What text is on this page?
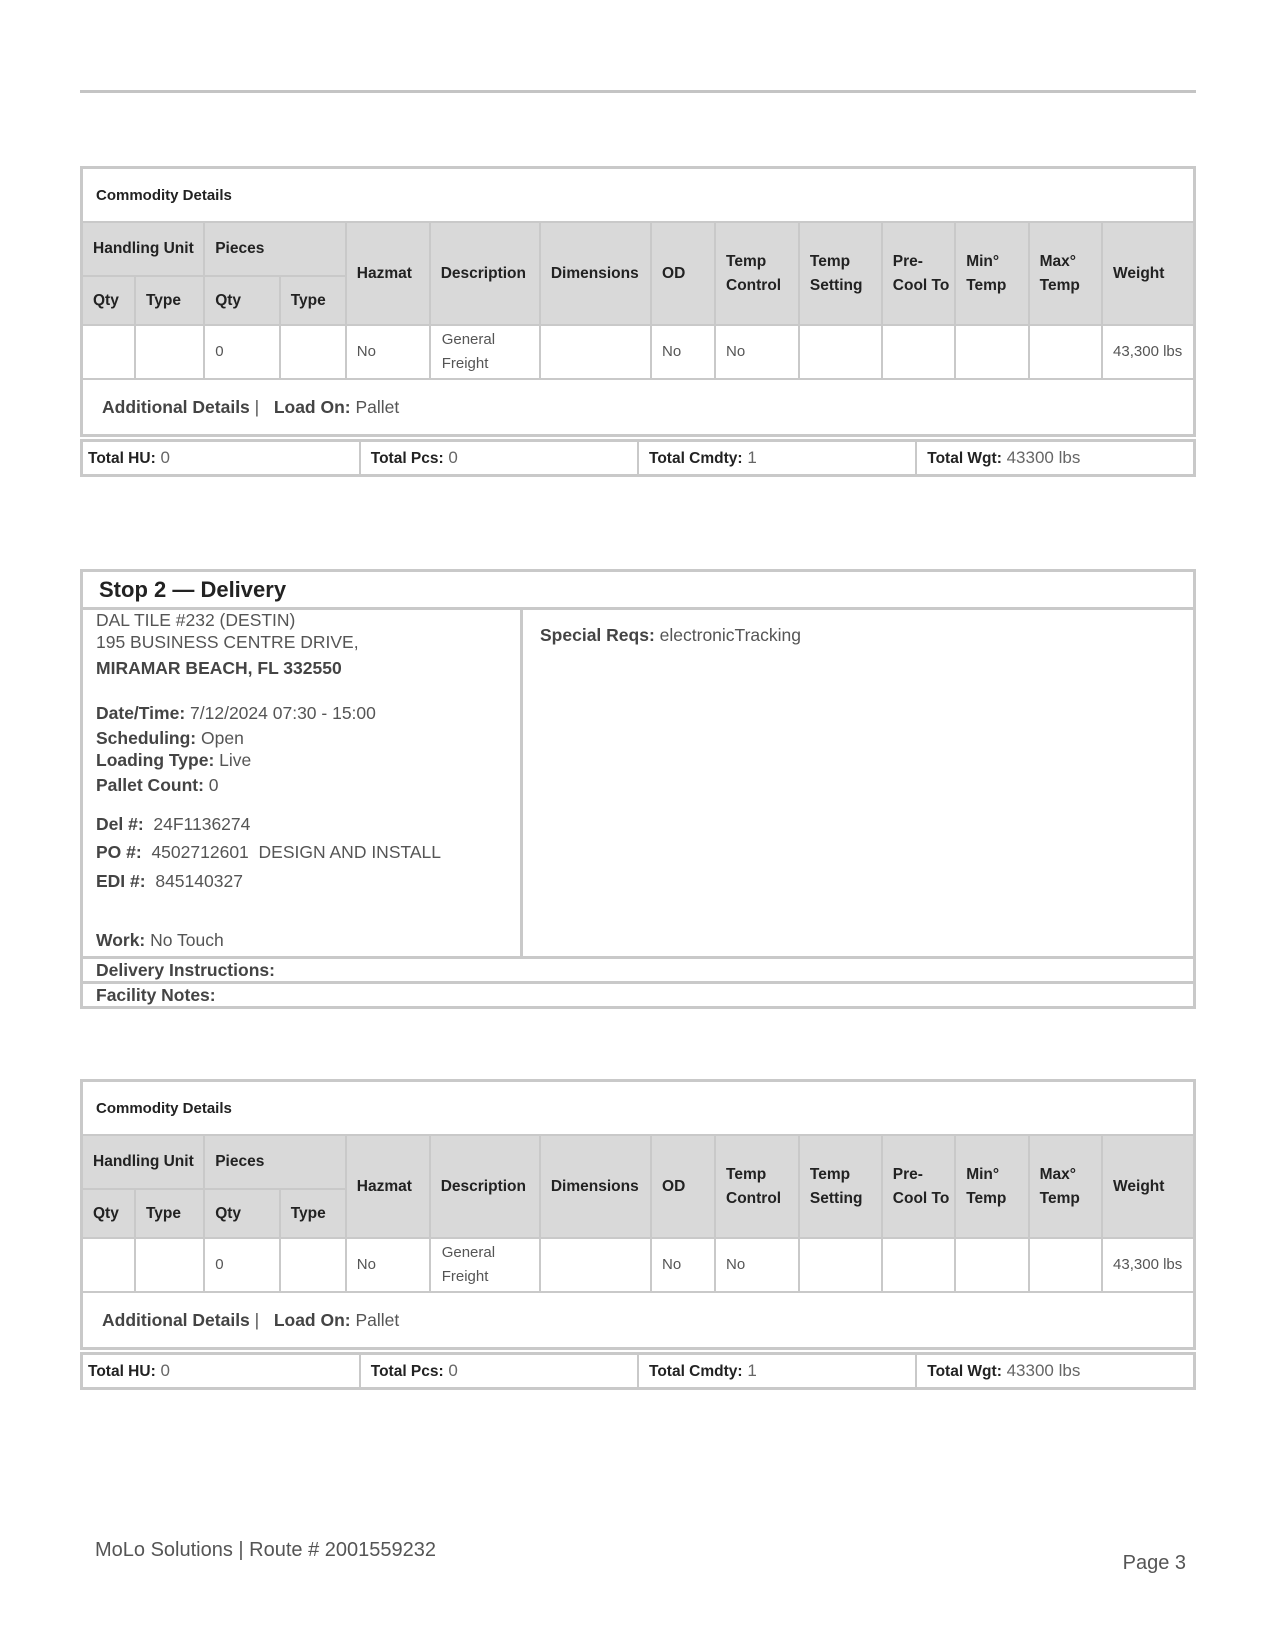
Commodity Details													
Handling Unit		Pieces		Hazmat	Description	Dimensions	OD	Temp Control	Temp Setting	Pre-Cool To	Min° Temp	Max° Temp	Weight
Qty	Type	Qty	Type										
		0		No	General Freight		No	No					43,300 lbs
Additional Details | Load On: Pallet													
Total HU: 0	Total Pcs: 0	Total Cmdty: 1	Total Wgt: 43300 lbs
Stop 2 — Delivery
DAL TILE #232 (DESTIN)
195 BUSINESS CENTRE DRIVE,
MIRAMAR BEACH, FL 332550
Date/Time: 7/12/2024 07:30 - 15:00
Scheduling: Open
Loading Type: Live
Pallet Count: 0
Del #: 24F1136274
PO #: 4502712601 DESIGN AND INSTALL
EDI #: 845140327
Work: No Touch
Special Reqs: electronicTracking
Delivery Instructions:
Facility Notes:
Commodity Details													
Handling Unit		Pieces		Hazmat	Description	Dimensions	OD	Temp Control	Temp Setting	Pre-Cool To	Min° Temp	Max° Temp	Weight
Qty	Type	Qty	Type										
		0		No	General Freight		No	No					43,300 lbs
Additional Details | Load On: Pallet													
Total HU: 0	Total Pcs: 0	Total Cmdty: 1	Total Wgt: 43300 lbs
MoLo Solutions | Route # 2001559232
Page 3
